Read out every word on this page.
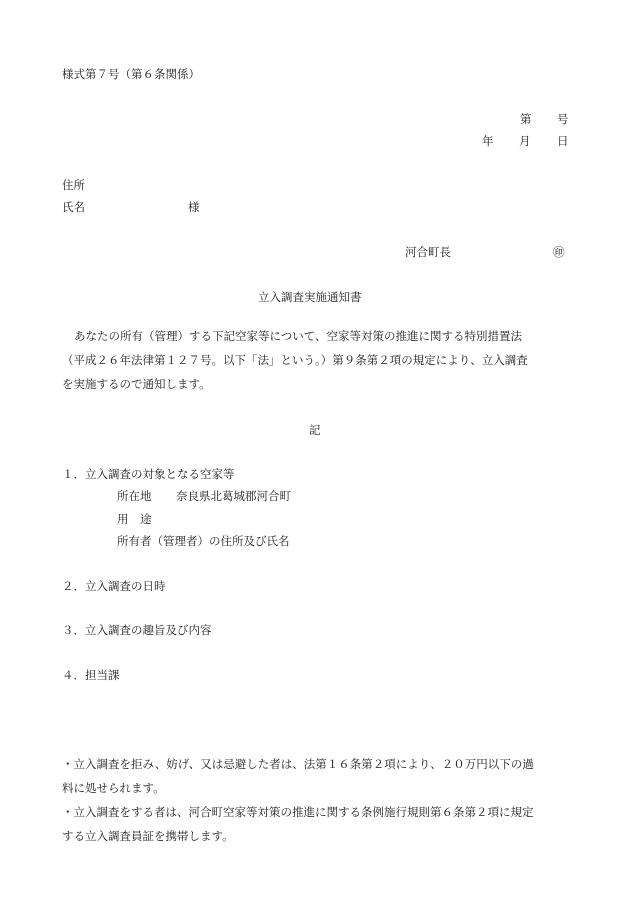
様式第７号（第６条関係）
第 号
年 月 日
住所
氏名	様
河合町長	㊞
立入調査実施通知書

あなたの所有（管理）する下記空家等について、空家等対策の推進に関する特別措置法

（平成２６年法律第１２７号。以下「法」という。）第９条第２項の規定により、立入調査

を実施するので通知します。

記
１．立入調査の対象となる空家等
所在地 奈良県北葛城郡河合町
用　途
所有者（管理者）の住所及び氏名
２．立入調査の日時
３．立入調査の趣旨及び内容
４．担当課

・立入調査を拒み、妨げ、又は忌避した者は、法第１６条第２項により、２０万円以下の過

料に処せられます。

・立入調査をする者は、河合町空家等対策の推進に関する条例施行規則第６条第２項に規定

する立入調査員証を携帯します。
